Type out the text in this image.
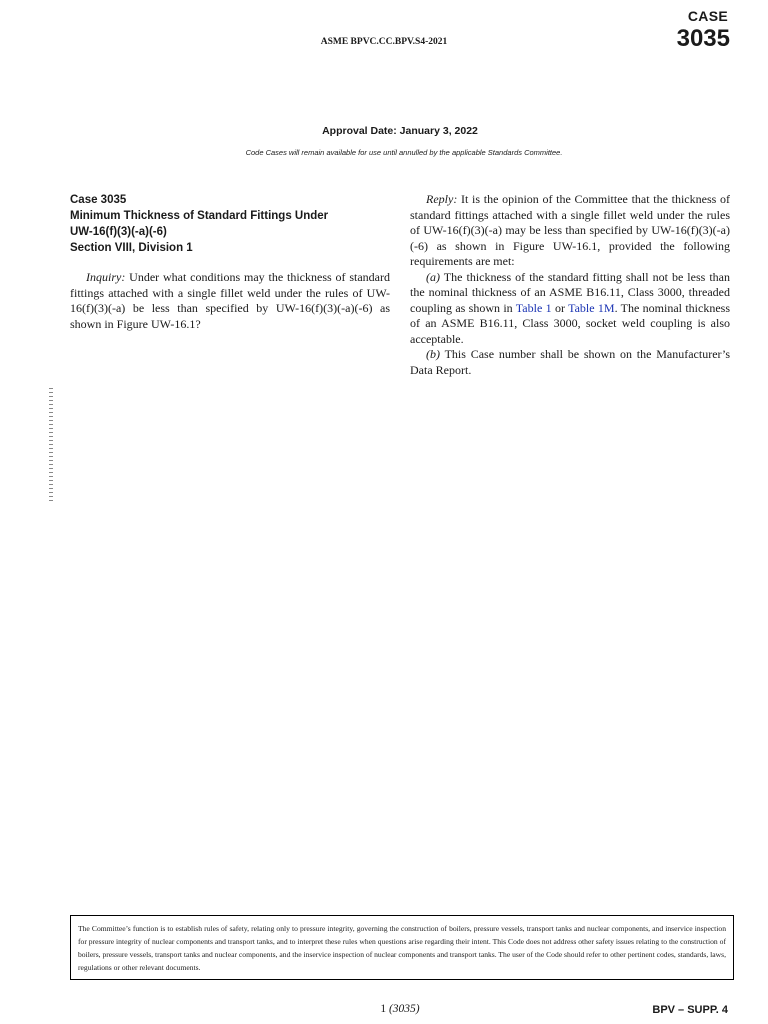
CASE
3035
ASME BPVC.CC.BPV.S4-2021
Approval Date: January 3, 2022
Code Cases will remain available for use until annulled by the applicable Standards Committee.
Case 3035
Minimum Thickness of Standard Fittings Under
UW-16(f)(3)(-a)(-6)
Section VIII, Division 1

Inquiry: Under what conditions may the thickness of standard fittings attached with a single fillet weld under the rules of UW-16(f)(3)(-a) be less than specified by UW-16(f)(3)(-a)(-6) as shown in Figure UW-16.1?

Reply: It is the opinion of the Committee that the thickness of standard fittings attached with a single fillet weld under the rules of UW-16(f)(3)(-a) may be less than specified by UW-16(f)(3)(-a)(-6) as shown in Figure UW-16.1, provided the following requirements are met:

(a) The thickness of the standard fitting shall not be less than the nominal thickness of an ASME B16.11, Class 3000, threaded coupling as shown in Table 1 or Table 1M. The nominal thickness of an ASME B16.11, Class 3000, socket weld coupling is also acceptable.

(b) This Case number shall be shown on the Manufacturer’s Data Report.

The Committee’s function is to establish rules of safety, relating only to pressure integrity, governing the construction of boilers, pressure vessels, transport tanks and nuclear components, and inservice inspection for pressure integrity of nuclear components and transport tanks, and to interpret these rules when questions arise regarding their intent. This Code does not address other safety issues relating to the construction of boilers, pressure vessels, transport tanks and nuclear components, and the inservice inspection of nuclear components and transport tanks. The user of the Code should refer to other pertinent codes, standards, laws, regulations or other relevant documents.
1 (3035)	BPV – SUPP. 4
